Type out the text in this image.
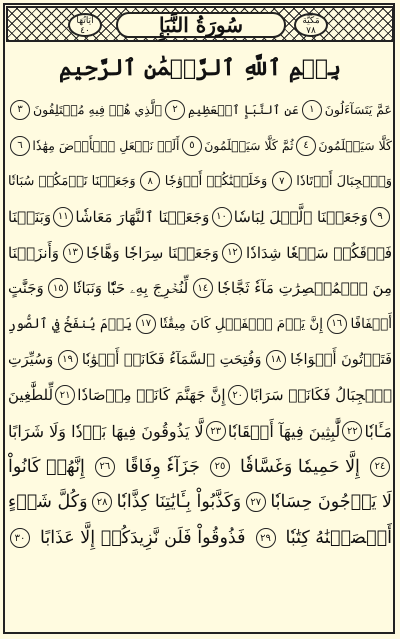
مَكِّيَّة
٧٨
سُورَةُ النَّبَإِ
آيَاتُهَا
٤٠
بِسۡمِ ٱللَّهِ ٱلرَّحۡمَٰنِ ٱلرَّحِيمِ
عَمَّ يَتَسَآءَلُونَ
١
عَنِ ٱلنَّبَإِ ٱلۡعَظِيمِ
٢
ٱلَّذِي هُمۡ فِيهِ مُخۡتَلِفُونَ
٣
كَلَّا سَيَعۡلَمُونَ
٤
ثُمَّ كَلَّا سَيَعۡلَمُونَ
٥
أَلَمۡ نَجۡعَلِ ٱلۡأَرۡضَ مِهَٰدٗا
٦
وَٱلۡجِبَالَ أَوۡتَادٗا
٧
وَخَلَقۡنَٰكُمۡ أَزۡوَٰجٗا
٨
وَجَعَلۡنَا نَوۡمَكُمۡ سُبَاتٗا
٩
وَجَعَلۡنَا ٱلَّيۡلَ لِبَاسٗا
١٠
وَجَعَلۡنَا ٱلنَّهَارَ مَعَاشٗا
١١
وَبَنَيۡنَا
فَوۡقَكُمۡ سَبۡعٗا شِدَادٗا
١٢
وَجَعَلۡنَا سِرَاجٗا وَهَّاجٗا
١٣
وَأَنزَلۡنَا
مِنَ ٱلۡمُعۡصِرَٰتِ مَآءٗ ثَجَّاجٗا
١٤
لِّنُخۡرِجَ بِهِۦ حَبّٗا وَنَبَاتٗا
١٥
وَجَنَّٰتٍ
أَلۡفَافًا
١٦
إِنَّ يَوۡمَ ٱلۡفَصۡلِ كَانَ مِيقَٰتٗا
١٧
يَوۡمَ يُنفَخُ فِي ٱلصُّورِ
فَتَأۡتُونَ أَفۡوَاجٗا
١٨
وَفُتِحَتِ ٱلسَّمَآءُ فَكَانَتۡ أَبۡوَٰبٗا
١٩
وَسُيِّرَتِ
ٱلۡجِبَالُ فَكَانَتۡ سَرَابًا
٢٠
إِنَّ جَهَنَّمَ كَانَتۡ مِرۡصَادٗا
٢١
لِّلطَّٰغِينَ
مَـَٔابٗا
٢٢
لَّٰبِثِينَ فِيهَآ أَحۡقَابٗا
٢٣
لَّا يَذُوقُونَ فِيهَا بَرۡدٗا وَلَا شَرَابًا
٢٤
إِلَّا حَمِيمٗا وَغَسَّاقٗا
٢٥
جَزَآءٗ وِفَاقًا
٢٦
إِنَّهُمۡ كَانُواْ
لَا يَرۡجُونَ حِسَابٗا
٢٧
وَكَذَّبُواْ بِـَٔايَٰتِنَا كِذَّابٗا
٢٨
وَكُلَّ شَيۡءٍ
أَحۡصَيۡنَٰهُ كِتَٰبٗا
٢٩
فَذُوقُواْ فَلَن نَّزِيدَكُمۡ إِلَّا عَذَابًا
٣٠
